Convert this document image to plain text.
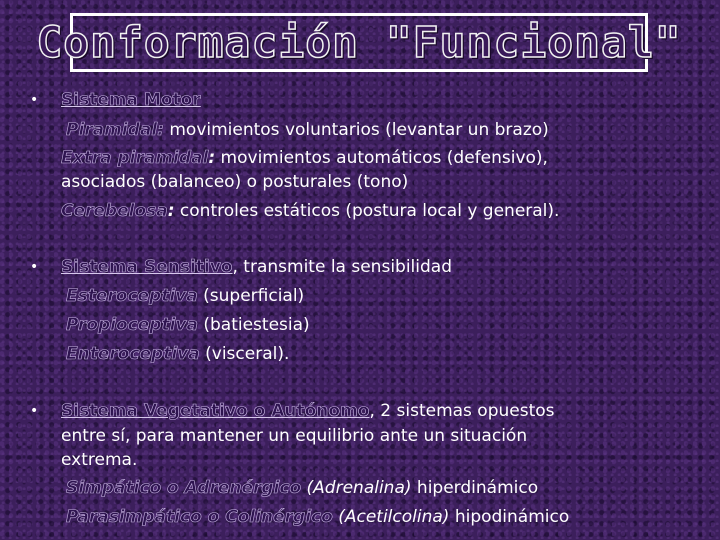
Conformación "Funcional"
• Sistema Motor
Piramidal: movimientos voluntarios (levantar un brazo)
Extra piramidal: movimientos automáticos (defensivo),
asociados (balanceo) o posturales (tono)
Cerebelosa: controles estáticos (postura local y general).
• Sistema Sensitivo, transmite la sensibilidad
Esteroceptiva (superficial)
Propioceptiva (batiestesia)
Enteroceptiva (visceral).
• Sistema Vegetativo o Autónomo, 2 sistemas opuestos
entre sí, para mantener un equilibrio ante un situación
extrema.
Simpático o Adrenérgico (Adrenalina) hiperdinámico
Parasimpático o Colinérgico (Acetilcolina) hipodinámico
